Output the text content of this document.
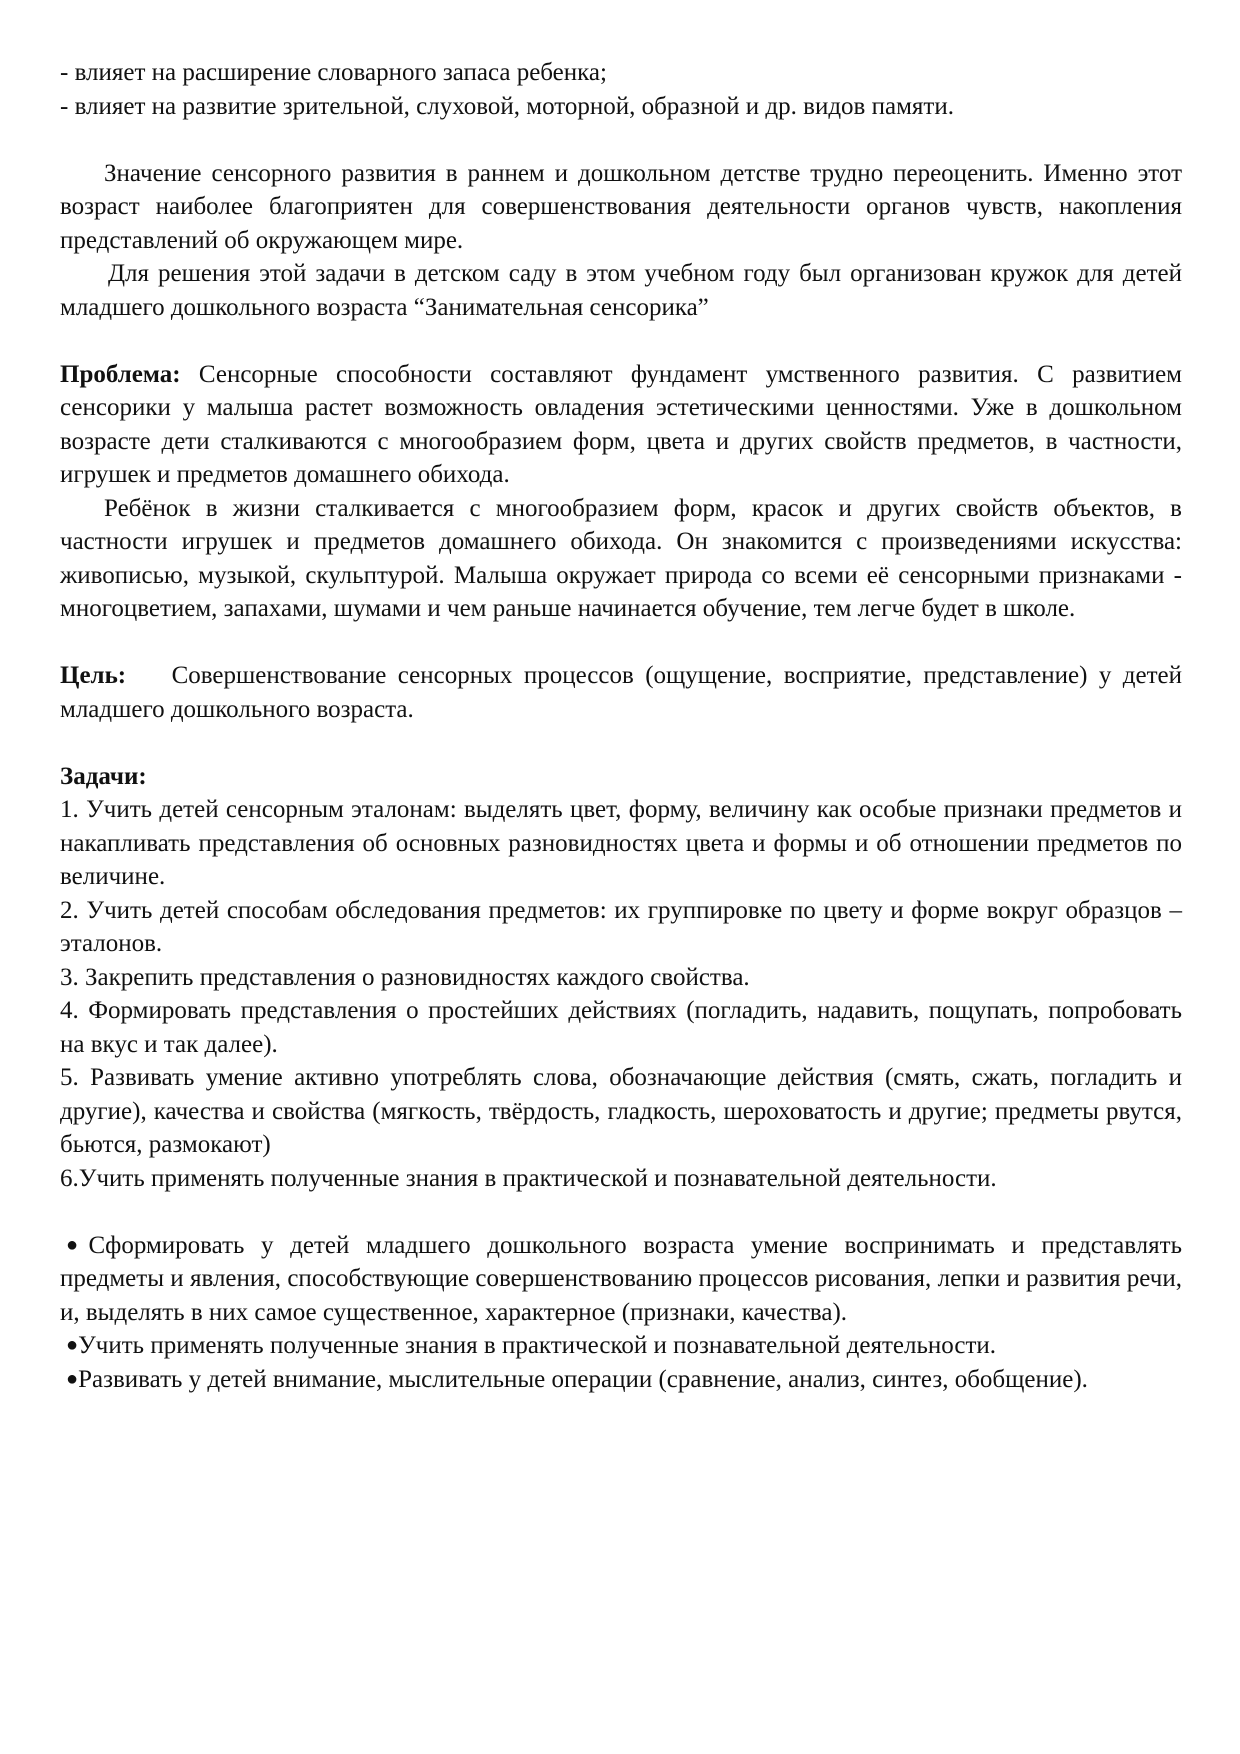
- влияет на расширение словарного запаса ребенка;

- влияет на развитие зрительной, слуховой, моторной, образной и др. видов памяти.

Значение сенсорного развития в раннем и дошкольном детстве трудно переоценить. Именно этот возраст наиболее благоприятен для совершенствования деятельности органов чувств, накопления представлений об окружающем мире.

Для решения этой задачи в детском саду в этом учебном году был организован кружок для детей младшего дошкольного возраста “Занимательная сенсорика”

Проблема: Сенсорные способности составляют фундамент умственного развития. С развитием сенсорики у малыша растет возможность овладения эстетическими ценностями. Уже в дошкольном возрасте дети сталкиваются с многообразием форм, цвета и других свойств предметов, в частности, игрушек и предметов домашнего обихода.

Ребёнок в жизни сталкивается с многообразием форм, красок и других свойств объектов, в частности игрушек и предметов домашнего обихода. Он знакомится с произведениями искусства: живописью, музыкой, скульптурой. Малыша окружает природа со всеми её сенсорными признаками - многоцветием, запахами, шумами и чем раньше начинается обучение, тем легче будет в школе.

Цель: Совершенствование сенсорных процессов (ощущение, восприятие, представление) у детей младшего дошкольного возраста.

Задачи:

1. Учить детей сенсорным эталонам: выделять цвет, форму, величину как особые признаки предметов и накапливать представления об основных разновидностях цвета и формы и об отношении предметов по величине.

2. Учить детей способам обследования предметов: их группировке по цвету и форме вокруг образцов – эталонов.

3. Закрепить представления о разновидностях каждого свойства.

4. Формировать представления о простейших действиях (погладить, надавить, пощупать, попробовать на вкус и так далее).

5. Развивать умение активно употреблять слова, обозначающие действия (смять, сжать, погладить и другие), качества и свойства (мягкость, твёрдость, гладкость, шероховатость и другие; предметы рвутся, бьются, размокают)

6.Учить применять полученные знания в практической и познавательной деятельности.

●Сформировать у детей младшего дошкольного возраста умение воспринимать и представлять предметы и явления, способствующие совершенствованию процессов рисования, лепки и развития речи, и, выделять в них самое существенное, характерное (признаки, качества).

●Учить применять полученные знания в практической и познавательной деятельности.

●Развивать у детей внимание, мыслительные операции (сравнение, анализ, синтез, обобщение).
